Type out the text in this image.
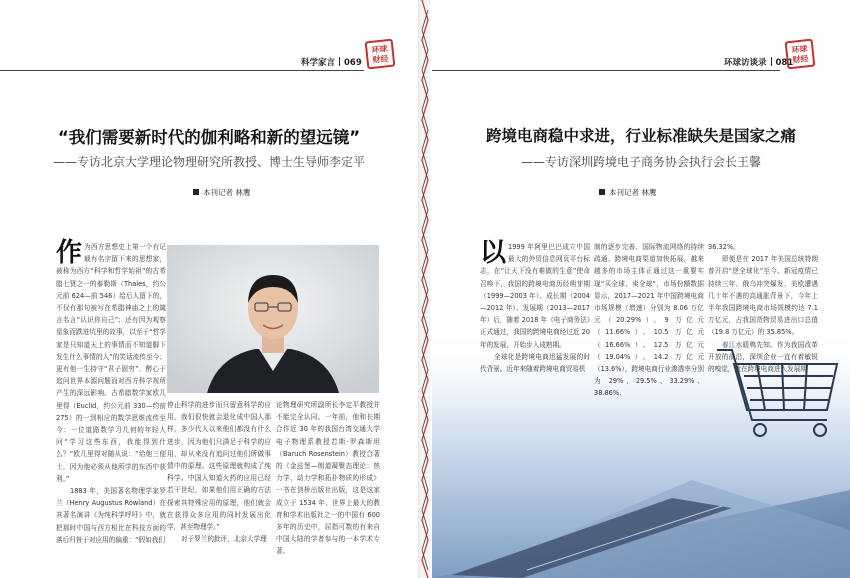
科学家言 069
环球
财经
“我们需要新时代的伽利略和新的望远镜”
——专访北京大学理论物理研究所教授、博士生导师李定平
本刊记者 林鹰
作为西方思想史上第一个有记载有名字留下来的思想家，被称为西方“科学和哲学始祖”的古希腊七贤之一的泰勒斯（Thales，约公元前 624—前 546）给后人留下的，不仅有那句被写在希腊神庙之上的箴言名言“认识你自己”；还有因为观察星象而跌进坑里的故事，以至于“哲学家是只知道天上的事情而不知道脚下发生什么事情的人”的笑话流传至今；更有他一生持守“君子固穷”、醉心于追问世界本源问题而对西方科学视所产生的深远影响。古希腊数学家欧几里得（Euclid，约公元前 330—约前 275）的一到相应的数学思维流传至今：一位道路数学习几何的年轻人问“学习这些东西，我能得到什么？”欧几里得对随从说：“给他三便士，因为他必须从他所学的东西中获利。”
1883 年，美国著名物理学家罗兰（Henry Augustus Rowland）在其著名演讲《为纯科学呼吁》中，就把那时中国与西方相比在科技方面的落后归咎于对应用的偏重：“假如我们
停止科学的进步而只留意科学的应用，我们很快就会退化成中国人那样，多少代人以来他们都没有什么进步，因为他们只满足于科学的应用，却从来没有追问过他们所做事情中的原理。这些原理就构成了纯科学。中国人知道火药的应用已经若干世纪，如果他们用正确的方法探索其特殊应用的原理，他们就会在获得众多应用的同时发展出化学，甚至物理学。”
对于罗兰的批评，北京大学理
论物理研究所副所长李定平教授并不能完全认同。一年前，他和长期合作近 30 年的我国台湾交通大学电子物理系教授若斯·罗森斯坦（Baruch Rosenstein）教授合著的《金兹堡—朗道凝聚态理论：热力学、动力学和拓扑物质的形成》一书在剑桥出版社出版，这是这家成立于 1534 年、世界上最大的教育和学术出版社之一的中国有 600 多年的历史中，屈指可数的有来自中国大陆的学者参与的一本学术专著。
环球
财经
环球访谈录 081
跨境电商稳中求进，行业标准缺失是国家之痛
——专访深圳跨境电子商务协会执行会长王馨
本刊记者 林鹰
以 1999 年阿里巴巴成立中国最大的外贸信息网页平台标志，在“让天下没有难做的生意”使命召唤下，我国的跨境电商历经萌芽期（1999—2003 年）、成长期（2004—2012 年）、发展期（2013—2017 年）后，随着 2018 年《电子商务法》正式通过，我国的跨境电商经过近 20 年的发展，开始步入成熟期。
全球化是跨境电商迅猛发展的时代背景。近年来随着跨境电商贸易机
制的逐步完善、国际物流网络的持续疏通、跨境电商渠道加快拓展，越来越多的市场主体正通过这一重要实现“买全球、卖全球”，市场份额数据显示，2017—2021 年中国跨境电商市场规模（增速）分别为 8.06 万亿元（20.29%）、9 万亿元（11.66%）、10.5 万亿元（16.66%）、12.5 万亿元（19.04%）、14.2 万亿元（13.6%），跨境电商行业渗透率分别为 29%、29.5%、33.29%、38.86%、
36.32%。
即便是在 2017 年美国总统特朗普开启“逆全球化”至今、新冠疫情已持续三年、俄乌冲突爆发、美欧遭遇几十年不遇的高通胀背景下，今年上半年我国跨境电商市场规模约达 7.1 万亿元，占我国货物贸易进出口总值（19.8 万亿元）的 35.85%。
春江水暖鸭先知。作为我国改革开放的前沿，深圳企业一直有着敏锐的嗅觉，就在跨境电商进入发展期
